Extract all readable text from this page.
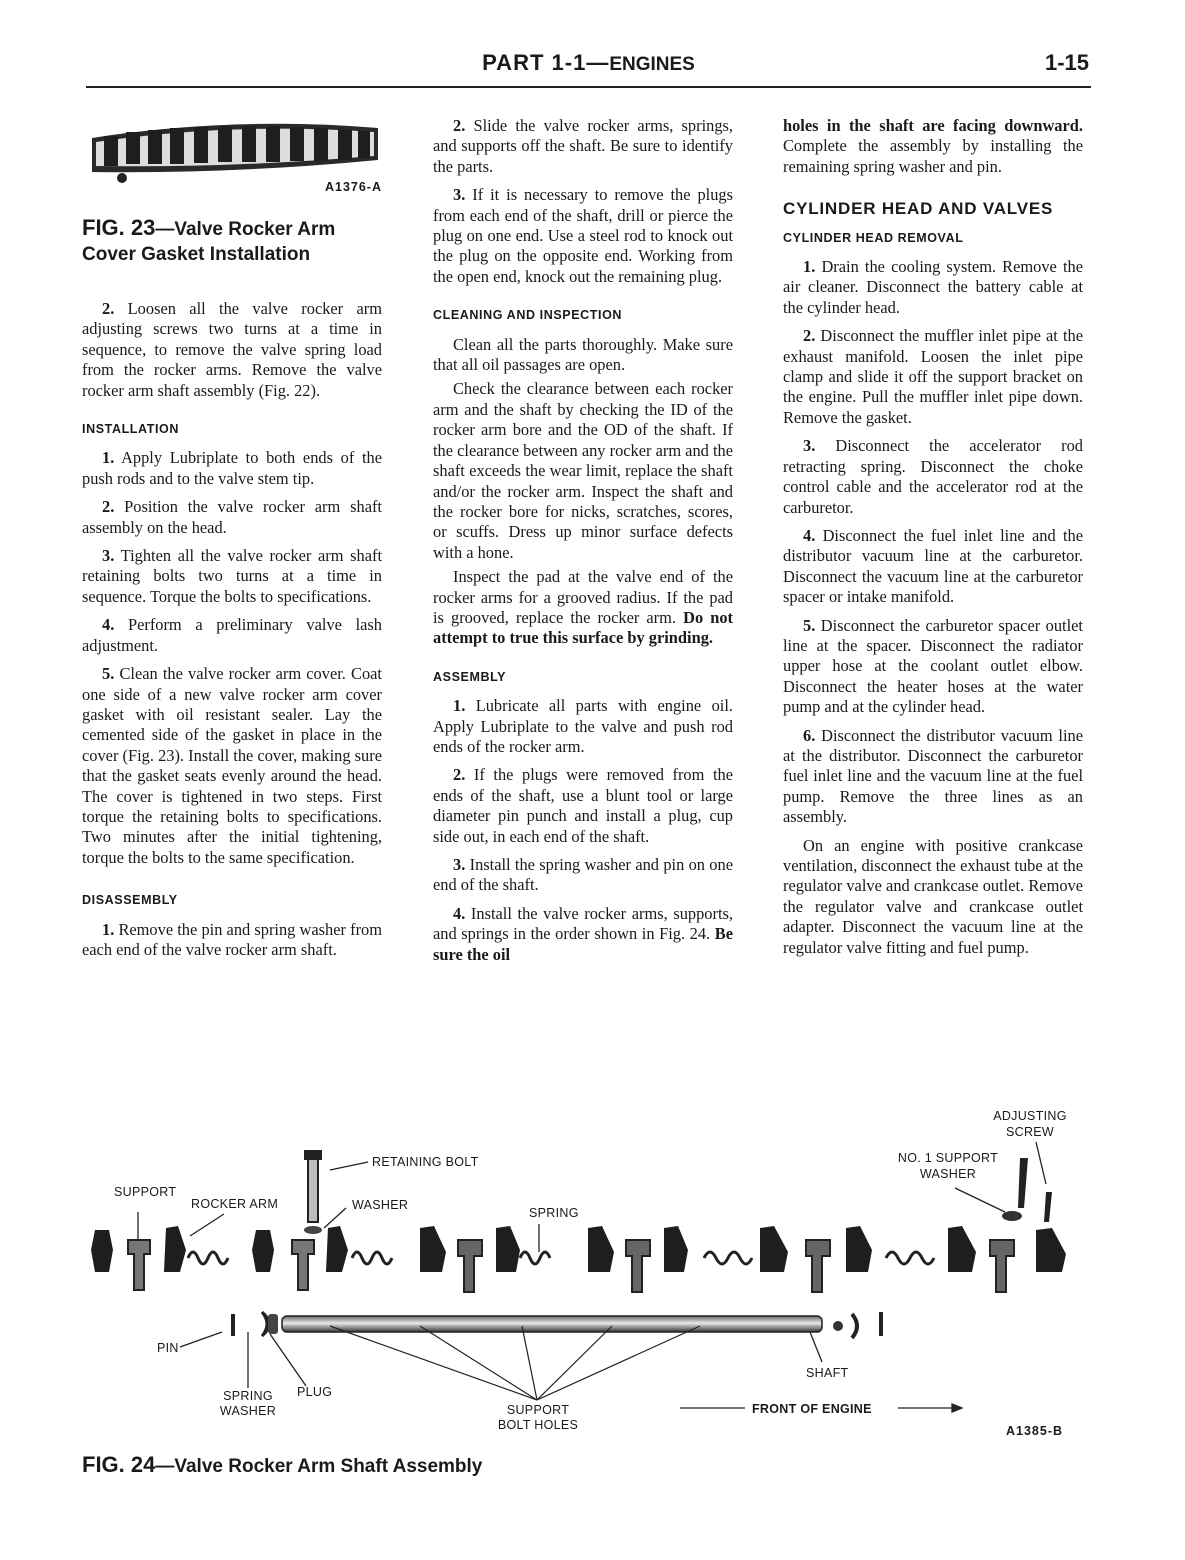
PART 1-1—ENGINES	1-15
A1376-A
FIG. 23—Valve Rocker Arm Cover Gasket Installation

2. Loosen all the valve rocker arm adjusting screws two turns at a time in sequence, to remove the valve spring load from the rocker arms. Remove the valve rocker arm shaft assembly (Fig. 22).

INSTALLATION

1. Apply Lubriplate to both ends of the push rods and to the valve stem tip.

2. Position the valve rocker arm shaft assembly on the head.

3. Tighten all the valve rocker arm shaft retaining bolts two turns at a time in sequence. Torque the bolts to specifications.

4. Perform a preliminary valve lash adjustment.

5. Clean the valve rocker arm cover. Coat one side of a new valve rocker arm cover gasket with oil resistant sealer. Lay the cemented side of the gasket in place in the cover (Fig. 23). Install the cover, making sure that the gasket seats evenly around the head. The cover is tightened in two steps. First torque the retaining bolts to specifications. Two minutes after the initial tightening, torque the bolts to the same specification.

DISASSEMBLY

1. Remove the pin and spring washer from each end of the valve rocker arm shaft.

2. Slide the valve rocker arms, springs, and supports off the shaft. Be sure to identify the parts.

3. If it is necessary to remove the plugs from each end of the shaft, drill or pierce the plug on one end. Use a steel rod to knock out the plug on the opposite end. Working from the open end, knock out the remaining plug.

CLEANING AND INSPECTION

Clean all the parts thoroughly. Make sure that all oil passages are open.

Check the clearance between each rocker arm and the shaft by checking the ID of the rocker arm bore and the OD of the shaft. If the clearance between any rocker arm and the shaft exceeds the wear limit, replace the shaft and/or the rocker arm. Inspect the shaft and the rocker bore for nicks, scratches, scores, or scuffs. Dress up minor surface defects with a hone.

Inspect the pad at the valve end of the rocker arms for a grooved radius. If the pad is grooved, replace the rocker arm. Do not attempt to true this surface by grinding.

ASSEMBLY

1. Lubricate all parts with engine oil. Apply Lubriplate to the valve and push rod ends of the rocker arm.

2. If the plugs were removed from the ends of the shaft, use a blunt tool or large diameter pin punch and install a plug, cup side out, in each end of the shaft.

3. Install the spring washer and pin on one end of the shaft.

4. Install the valve rocker arms, supports, and springs in the order shown in Fig. 24. Be sure the oil

holes in the shaft are facing downward. Complete the assembly by installing the remaining spring washer and pin.

CYLINDER HEAD AND VALVES
CYLINDER HEAD REMOVAL

1. Drain the cooling system. Remove the air cleaner. Disconnect the battery cable at the cylinder head.

2. Disconnect the muffler inlet pipe at the exhaust manifold. Loosen the inlet pipe clamp and slide it off the support bracket on the engine. Pull the muffler inlet pipe down. Remove the gasket.

3. Disconnect the accelerator rod retracting spring. Disconnect the choke control cable and the accelerator rod at the carburetor.

4. Disconnect the fuel inlet line and the distributor vacuum line at the carburetor. Disconnect the vacuum line at the carburetor spacer or intake manifold.

5. Disconnect the carburetor spacer outlet line at the spacer. Disconnect the radiator upper hose at the coolant outlet elbow. Disconnect the heater hoses at the water pump and at the cylinder head.

6. Disconnect the distributor vacuum line at the distributor. Disconnect the carburetor fuel inlet line and the vacuum line at the fuel pump. Remove the three lines as an assembly.

On an engine with positive crankcase ventilation, disconnect the exhaust tube at the regulator valve and crankcase outlet. Remove the regulator valve and crankcase outlet adapter. Disconnect the vacuum line at the regulator valve fitting and fuel pump.

RETAINING BOLT
SUPPORT
ROCKER ARM	WASHER
SPRING
ADJUSTING SCREW
NO. 1 SUPPORT WASHER
PIN
SPRING WASHER
PLUG
SHAFT
SUPPORT BOLT HOLES
FRONT OF ENGINE
A1385-B
FIG. 24—Valve Rocker Arm Shaft Assembly
